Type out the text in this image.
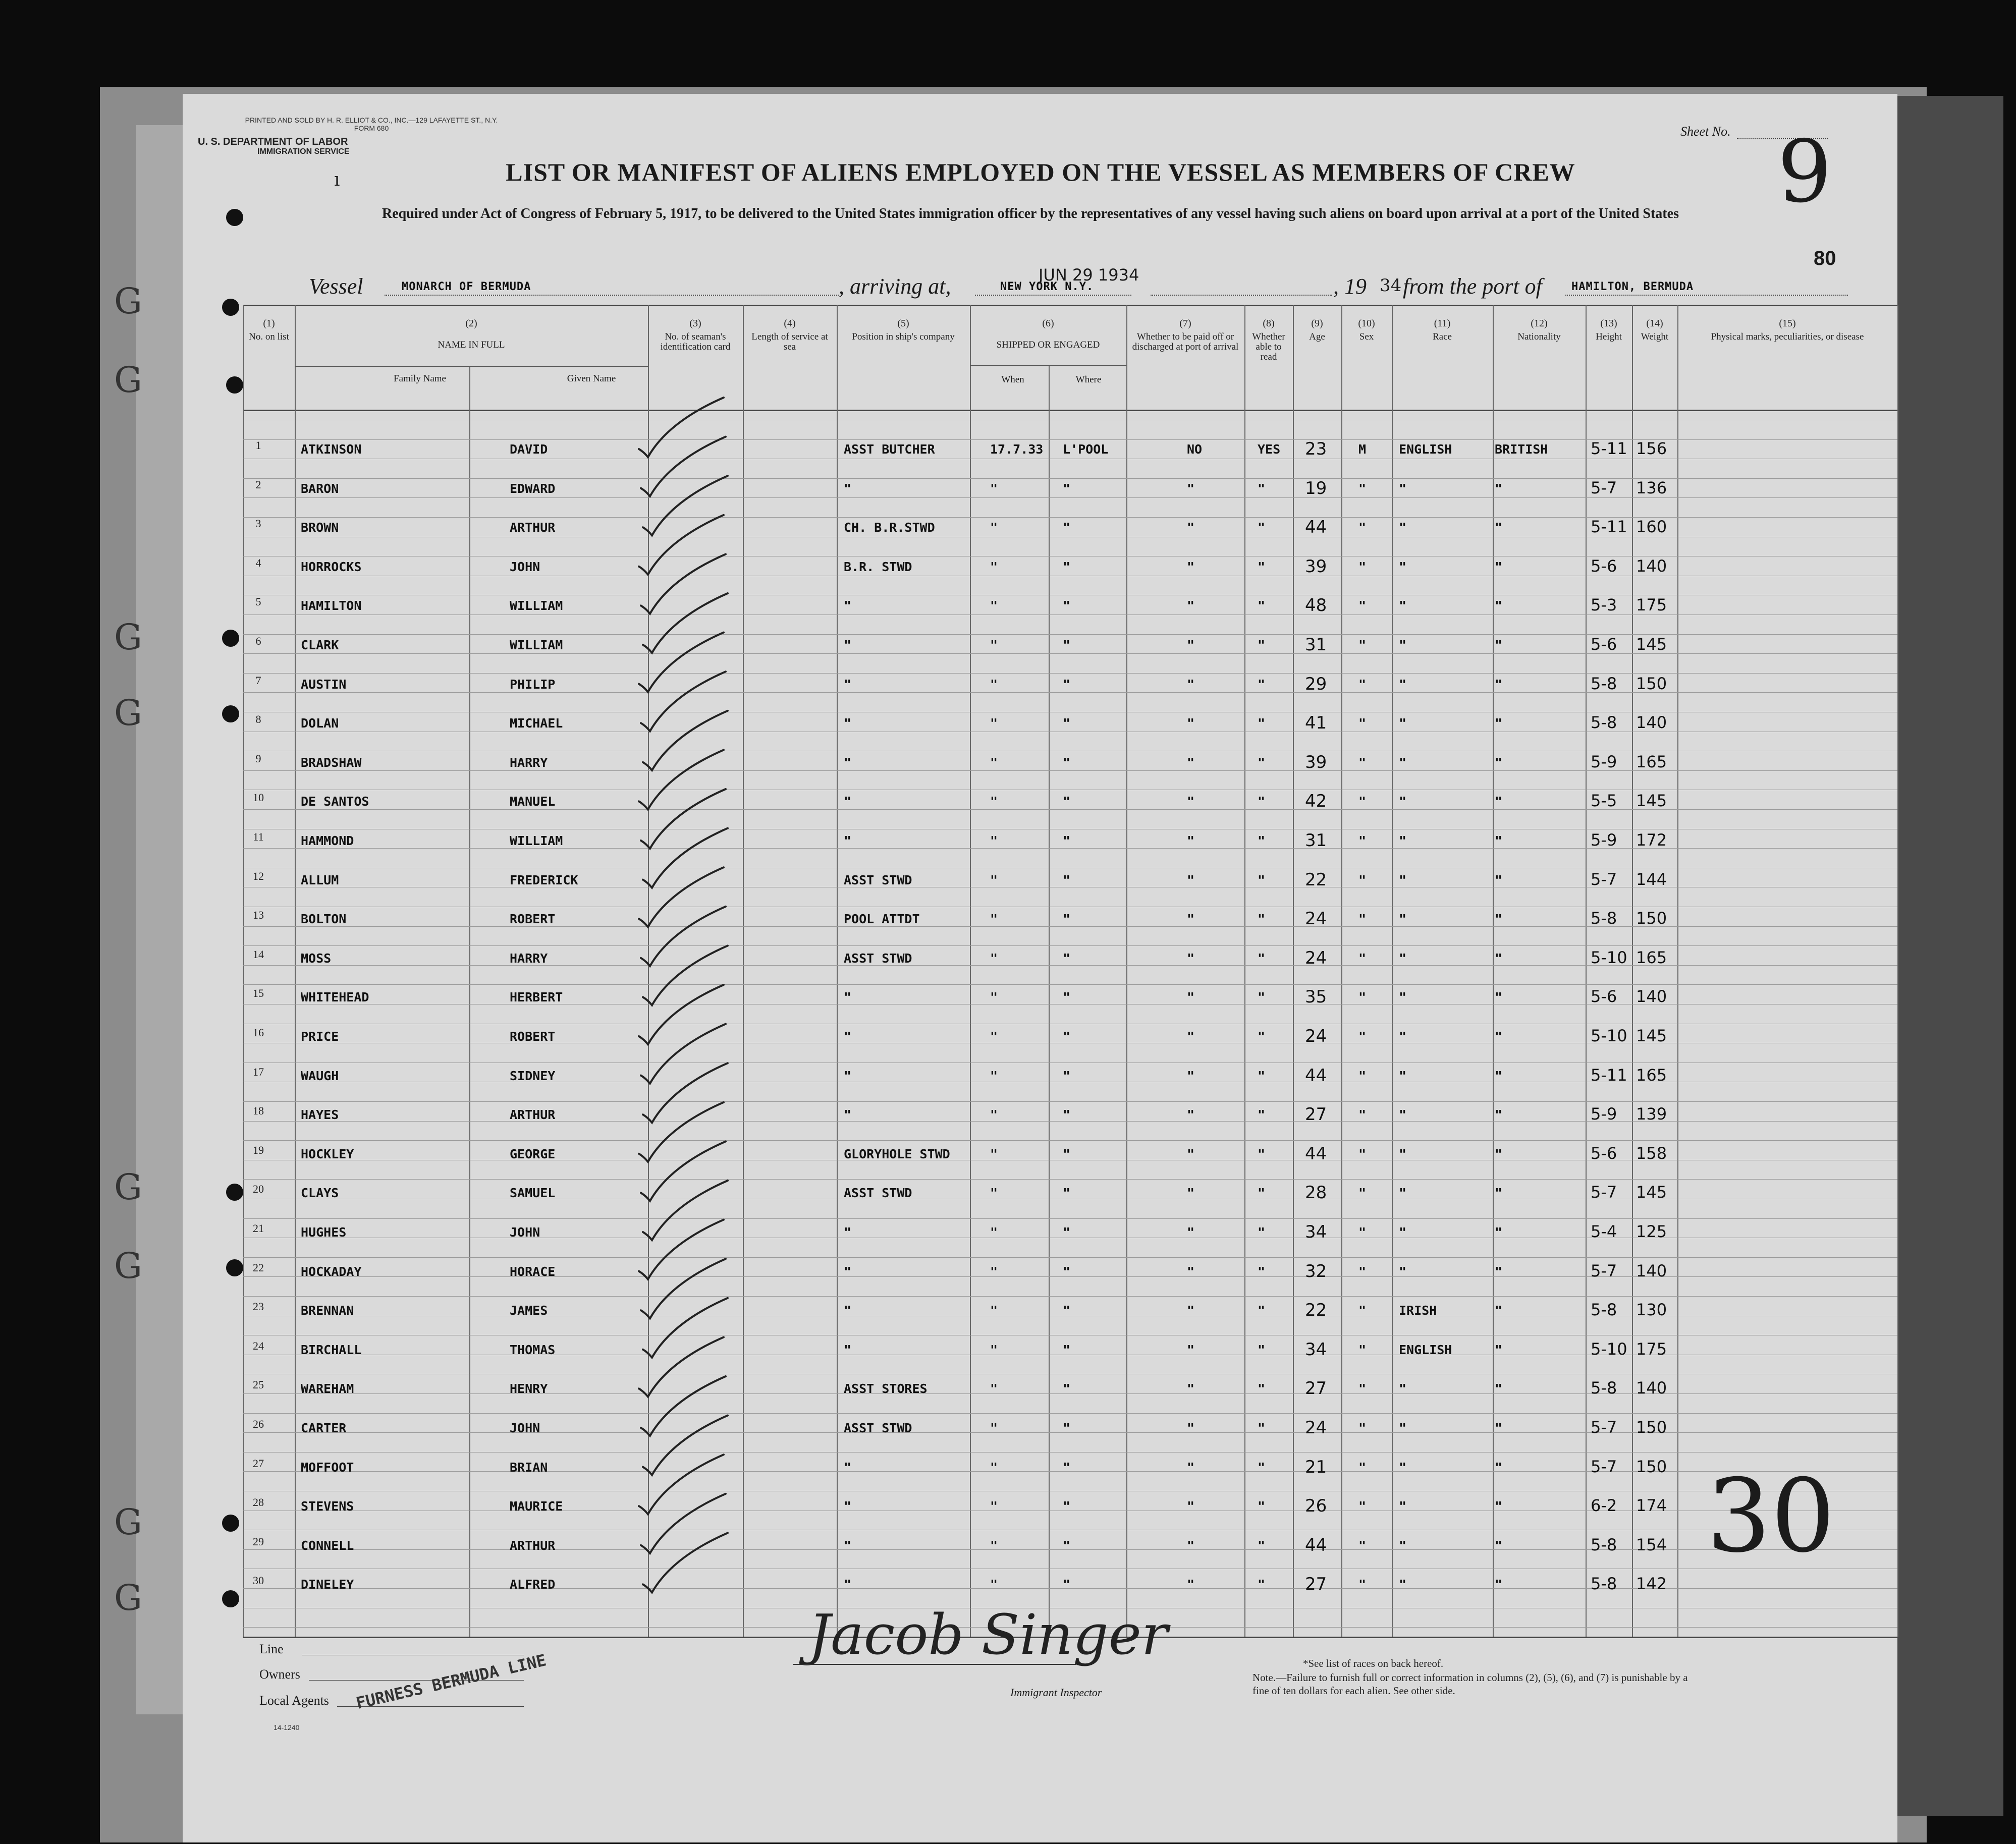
PRINTED AND SOLD BY H. R. ELLIOT & CO., INC.—129 LAFAYETTE ST., N.Y.
FORM 680
U. S. DEPARTMENT OF LABOR
IMMIGRATION SERVICE
ı	LIST OR MANIFEST OF ALIENS EMPLOYED ON THE VESSEL AS MEMBERS OF CREW
Required under Act of Congress of February 5, 1917, to be delivered to the United States immigration officer by the representatives of any vessel having such aliens on board upon arrival at a port of the United States
Sheet No. 9
80
Vessel	MONARCH OF BERMUDA	, arriving at,	NEW YORK N.Y.
JUN 29 1934	, 19 34 from the port of	HAMILTON, BERMUDA
(1)
No. on list
(2)
NAME IN FULL
(3)
No. of seaman's identification card
(4)
Length of service at sea
(5)
Position in ship's company
(6)
SHIPPED OR ENGAGED
(7)
Whether to be paid off or discharged at port of arrival
(8)
Whether able to read
(9)
Age
(10)
Sex
(11)
Race
(12)
Nationality
(13)
Height
(14)
Weight
(15)
Physical marks, peculiarities, or disease
Family Name	Given Name	When	Where
1	ATKINSON	DAVID	ASST BUTCHER	17.7.33 L'POOL	NO	YES 23	M	ENGLISH	BRITISH	5-11 156
2	BARON	EDWARD	"	"	"	"	" 19	"	"	"	5-7 136
3	BROWN	ARTHUR	CH. B.R.STWD	"	"	"	" 44	"	"	"	5-11 160
4	HORROCKS	JOHN	B.R. STWD	"	"	"	" 39	"	"	"	5-6 140
5	HAMILTON	WILLIAM	"	"	"	"	" 48	"	"	"	5-3 175
6	CLARK	WILLIAM	"	"	"	"	" 31	"	"	"	5-6 145
7	AUSTIN	PHILIP	"	"	"	"	" 29	"	"	"	5-8 150
8	DOLAN	MICHAEL	"	"	"	"	" 41	"	"	"	5-8 140
9	BRADSHAW	HARRY	"	"	"	"	" 39	"	"	"	5-9 165
10	DE SANTOS	MANUEL	"	"	"	"	" 42	"	"	"	5-5 145
11	HAMMOND	WILLIAM	"	"	"	"	" 31	"	"	"	5-9 172
12	ALLUM	FREDERICK	ASST STWD	"	"	"	" 22	"	"	"	5-7 144
13	BOLTON	ROBERT	POOL ATTDT	"	"	"	" 24	"	"	"	5-8 150
14	MOSS	HARRY	ASST STWD	"	"	"	" 24	"	"	"	5-10 165
15	WHITEHEAD	HERBERT	"	"	"	"	" 35	"	"	"	5-6 140
16	PRICE	ROBERT	"	"	"	"	" 24	"	"	"	5-10 145
17	WAUGH	SIDNEY	"	"	"	"	" 44	"	"	"	5-11 165
18	HAYES	ARTHUR	"	"	"	"	" 27	"	"	"	5-9 139
19	HOCKLEY	GEORGE	GLORYHOLE STWD	"	"	"	" 44	"	"	"	5-6 158
20	CLAYS	SAMUEL	ASST STWD	"	"	"	" 28	"	"	"	5-7 145
21	HUGHES	JOHN	"	"	"	"	" 34	"	"	"	5-4 125
22	HOCKADAY	HORACE	"	"	"	"	" 32	"	"	"	5-7 140
23	BRENNAN	JAMES	"	"	"	"	" 22	"	IRISH	"	5-8 130
24	BIRCHALL	THOMAS	"	"	"	"	" 34	"	ENGLISH	"	5-10 175
25	WAREHAM	HENRY	ASST STORES	"	"	"	" 27	"	"	"	5-8 140
26	CARTER	JOHN	ASST STWD	"	"	"	" 24	"	"	"	5-7 150
27	MOFFOOT	BRIAN	"	"	"	"	" 21	"	"	"	5-7 150
28	STEVENS	MAURICE	"	"	"	"	" 26	"	"	"	6-2 174
29	CONNELL	ARTHUR	"	"	"	"	" 44	"	"	"	5-8 154
30	DINELEY	ALFRED	"	"	"	"	" 27	"	"	"	5-8 142
30
Line
Owners
Local Agents FURNESS BERMUDA LINE
14-1240
Jacob Singer
Immigrant Inspector
*See list of races on back hereof.
Note.—Failure to furnish full or correct information in columns (2), (5), (6), and (7) is punishable by a fine of ten dollars for each alien. See other side.
G
G
G
G
G
G
G
G
